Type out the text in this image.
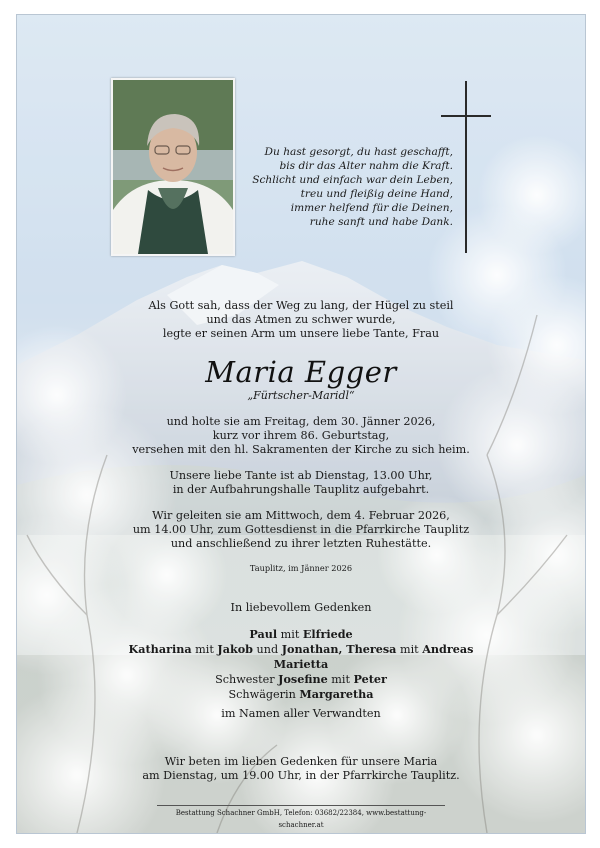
Du hast gesorgt, du hast geschafft,
bis dir das Alter nahm die Kraft.
Schlicht und einfach war dein Leben,
treu und fleißig deine Hand,
immer helfend für die Deinen,
ruhe sanft und habe Dank.
Als Gott sah, dass der Weg zu lang, der Hügel zu steil
und das Atmen zu schwer wurde,
legte er seinen Arm um unsere liebe Tante, Frau
Maria Egger
„Fürtscher-Maridl“
und holte sie am Freitag, dem 30. Jänner 2026,
kurz vor ihrem 86. Geburtstag,
versehen mit den hl. Sakramenten der Kirche zu sich heim.
Unsere liebe Tante ist ab Dienstag, 13.00 Uhr,
in der Aufbahrungshalle Tauplitz aufgebahrt.
Wir geleiten sie am Mittwoch, dem 4. Februar 2026,
um 14.00 Uhr, zum Gottesdienst in die Pfarrkirche Tauplitz
und anschließend zu ihrer letzten Ruhestätte.
Tauplitz, im Jänner 2026
In liebevollem Gedenken
Paul mit Elfriede
Katharina mit Jakob und Jonathan, Theresa mit Andreas
Marietta
Schwester Josefine mit Peter
Schwägerin Margaretha
im Namen aller Verwandten
Wir beten im lieben Gedenken für unsere Maria
am Dienstag, um 19.00 Uhr, in der Pfarrkirche Tauplitz.
Bestattung Schachner GmbH, Telefon: 03682/22384, www.bestattung-schachner.at
